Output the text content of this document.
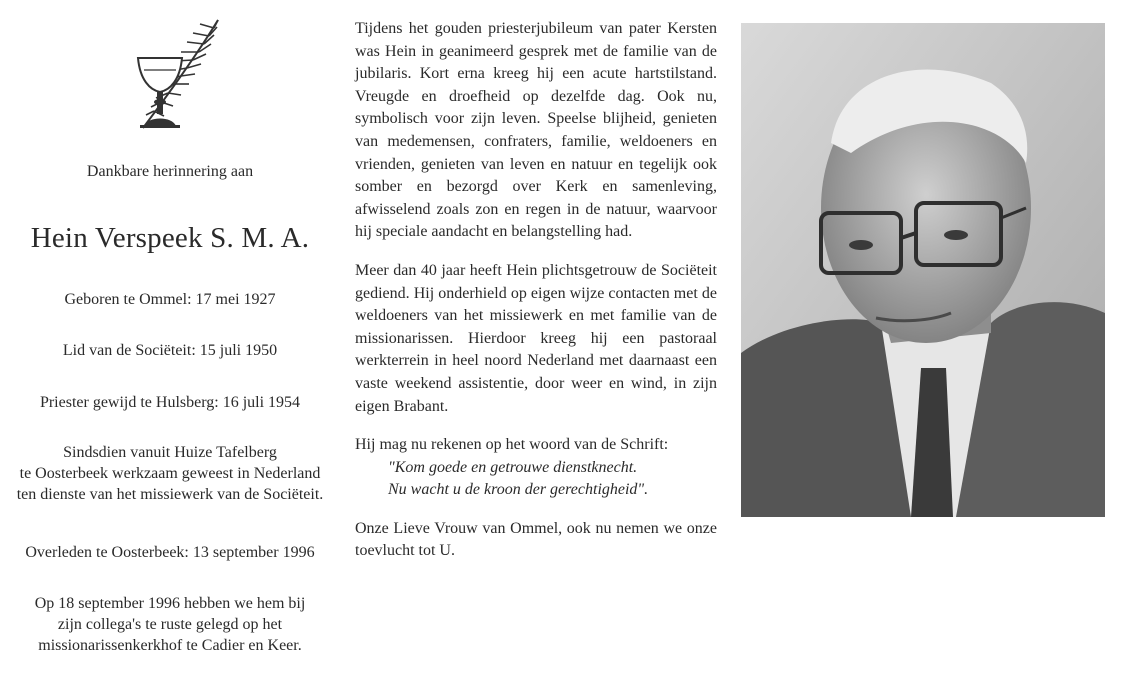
Dankbare herinnering aan
Hein Verspeek S. M. A.

Geboren te Ommel: 17 mei 1927

Lid van de Sociëteit: 15 juli 1950

Priester gewijd te Hulsberg: 16 juli 1954

Sindsdien vanuit Huize Tafelberg

te Oosterbeek werkzaam geweest in Nederland

ten dienste van het missiewerk van de Sociëteit.

Overleden te Oosterbeek: 13 september 1996

Op 18 september 1996 hebben we hem bij

zijn collega's te ruste gelegd op het

missionarissenkerkhof te Cadier en Keer.

Tijdens het gouden priesterjubileum van pater Kersten was Hein in geanimeerd gesprek met de familie van de jubilaris. Kort erna kreeg hij een acute hartstilstand. Vreugde en droefheid op dezelfde dag. Ook nu, symbolisch voor zijn leven. Speelse blijheid, genieten van medemensen, confraters, familie, weldoeners en vrienden, genieten van leven en natuur en tegelijk ook somber en bezorgd over Kerk en samenleving, afwisselend zoals zon en regen in de natuur, waarvoor hij speciale aandacht en belangstelling had.

Meer dan 40 jaar heeft Hein plichtsgetrouw de Sociëteit gediend. Hij onderhield op eigen wijze contacten met de weldoeners van het missiewerk en met familie van de missionarissen. Hierdoor kreeg hij een pastoraal werkterrein in heel noord Nederland met daarnaast een vaste weekend assistentie, door weer en wind, in zijn eigen Brabant.

Hij mag nu rekenen op het woord van de Schrift:

"Kom goede en getrouwe dienstknecht.

Nu wacht u de kroon der gerechtigheid".

Onze Lieve Vrouw van Ommel, ook nu nemen we onze toevlucht tot U.
